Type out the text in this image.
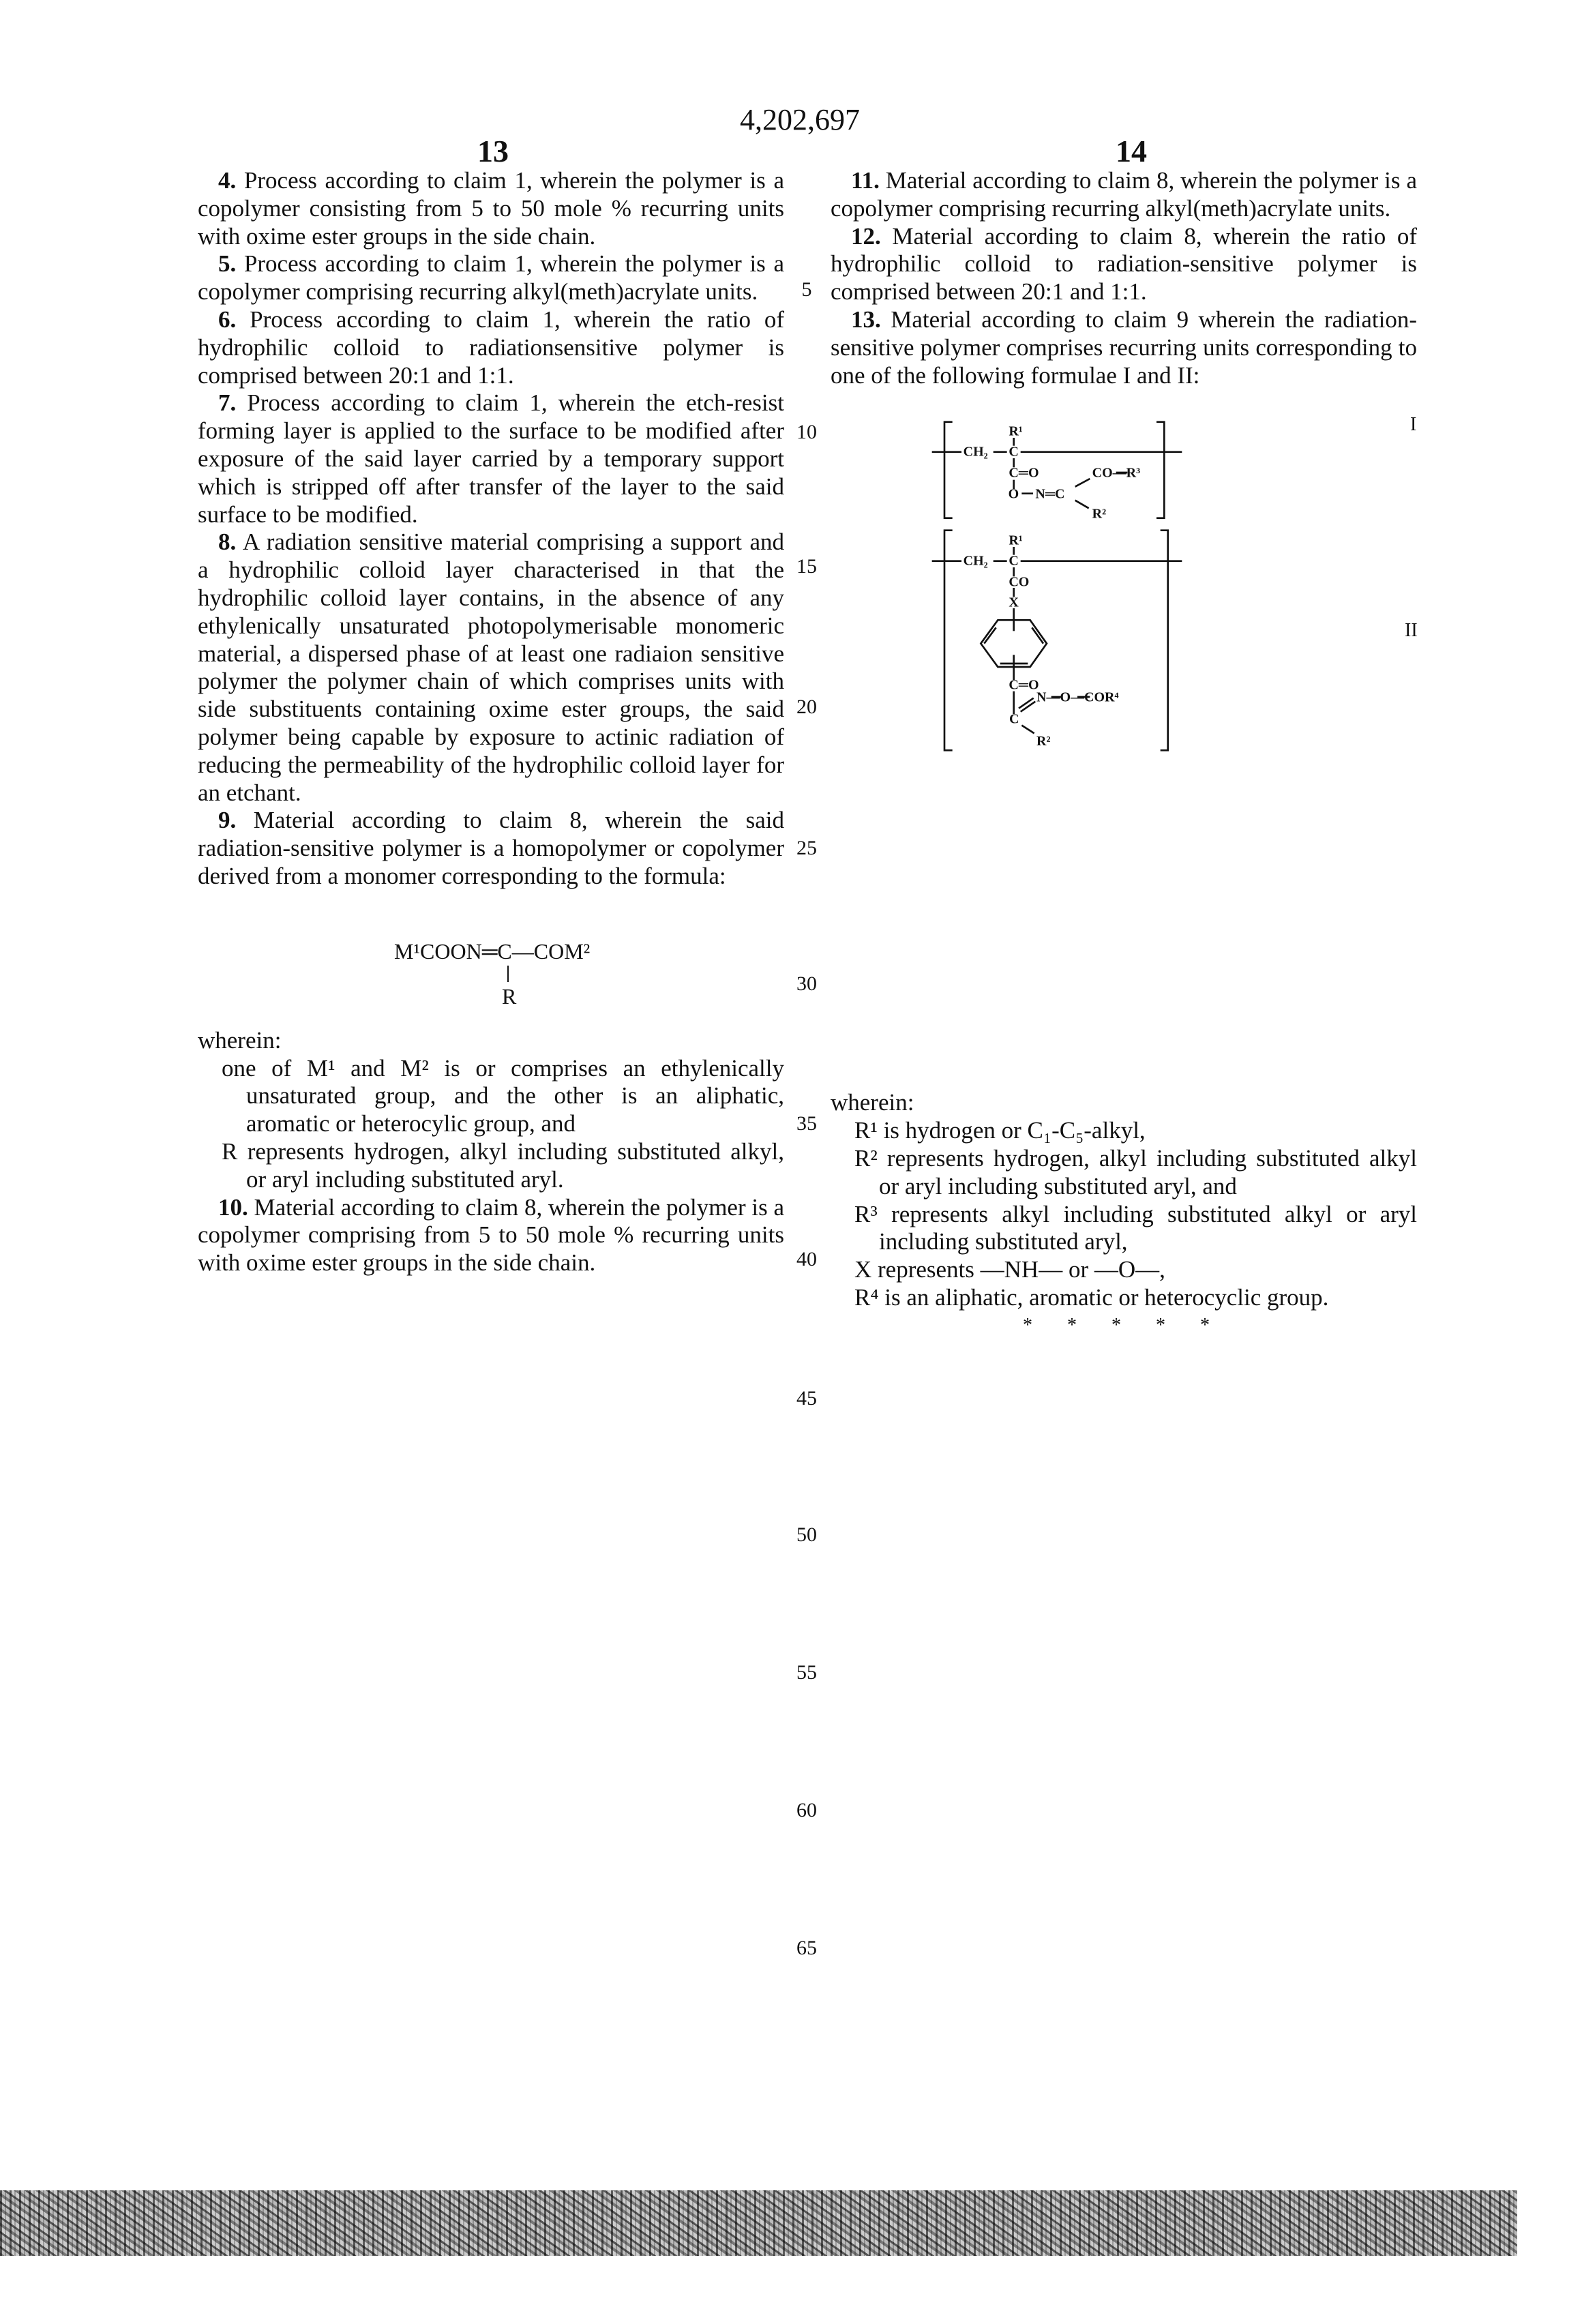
4,202,697
13	14

4. Process according to claim 1, wherein the polymer is a copolymer consisting from 5 to 50 mole % recurring units with oxime ester groups in the side chain.

5. Process according to claim 1, wherein the polymer is a copolymer comprising recurring alkyl(meth)acrylate units.

6. Process according to claim 1, wherein the ratio of hydrophilic colloid to radiationsensitive polymer is comprised between 20:1 and 1:1.

7. Process according to claim 1, wherein the etch-resist forming layer is applied to the surface to be modified after exposure of the said layer carried by a temporary support which is stripped off after transfer of the layer to the said surface to be modified.

8. A radiation sensitive material comprising a support and a hydrophilic colloid layer characterised in that the hydrophilic colloid layer contains, in the absence of any ethylenically unsaturated photopolymerisable monomeric material, a dispersed phase of at least one radiaion sensitive polymer the polymer chain of which comprises units with side substituents containing oxime ester groups, the said polymer being capable by exposure to actinic radiation of reducing the permeability of the hydrophilic colloid layer for an etchant.

9. Material according to claim 8, wherein the said radiation-sensitive polymer is a homopolymer or copolymer derived from a monomer corresponding to the formula:

M¹COON═C—COM²
R
wherein:

one of M¹ and M² is or comprises an ethylenically unsaturated group, and the other is an aliphatic, aromatic or heterocylic group, and

R represents hydrogen, alkyl including substituted alkyl, or aryl including substituted aryl.

10. Material according to claim 8, wherein the polymer is a copolymer comprising from 5 to 50 mole % recurring units with oxime ester groups in the side chain.

5
10
15
20
25
30
35
40
45
50
55
60
65

11. Material according to claim 8, wherein the polymer is a copolymer comprising recurring alkyl(meth)acrylate units.

12. Material according to claim 8, wherein the ratio of hydrophilic colloid to radiation-sensitive polymer is comprised between 20:1 and 1:1.

13. Material according to claim 9 wherein the radiation-sensitive polymer comprises recurring units corresponding to one of the following formulae I and II:

I
II
R¹
CH₂ C
C═O
O N═C
CO—R³
R²
R¹
CH₂ C
CO
X
C═O
N—O—COR⁴
C
R²
wherein:

R¹ is hydrogen or C₁-C₅-alkyl,

R² represents hydrogen, alkyl including substituted alkyl or aryl including substituted aryl, and

R³ represents alkyl including substituted alkyl or aryl including substituted aryl,

X represents —NH— or —O—,

R⁴ is an aliphatic, aromatic or heterocyclic group.

* * * * *
